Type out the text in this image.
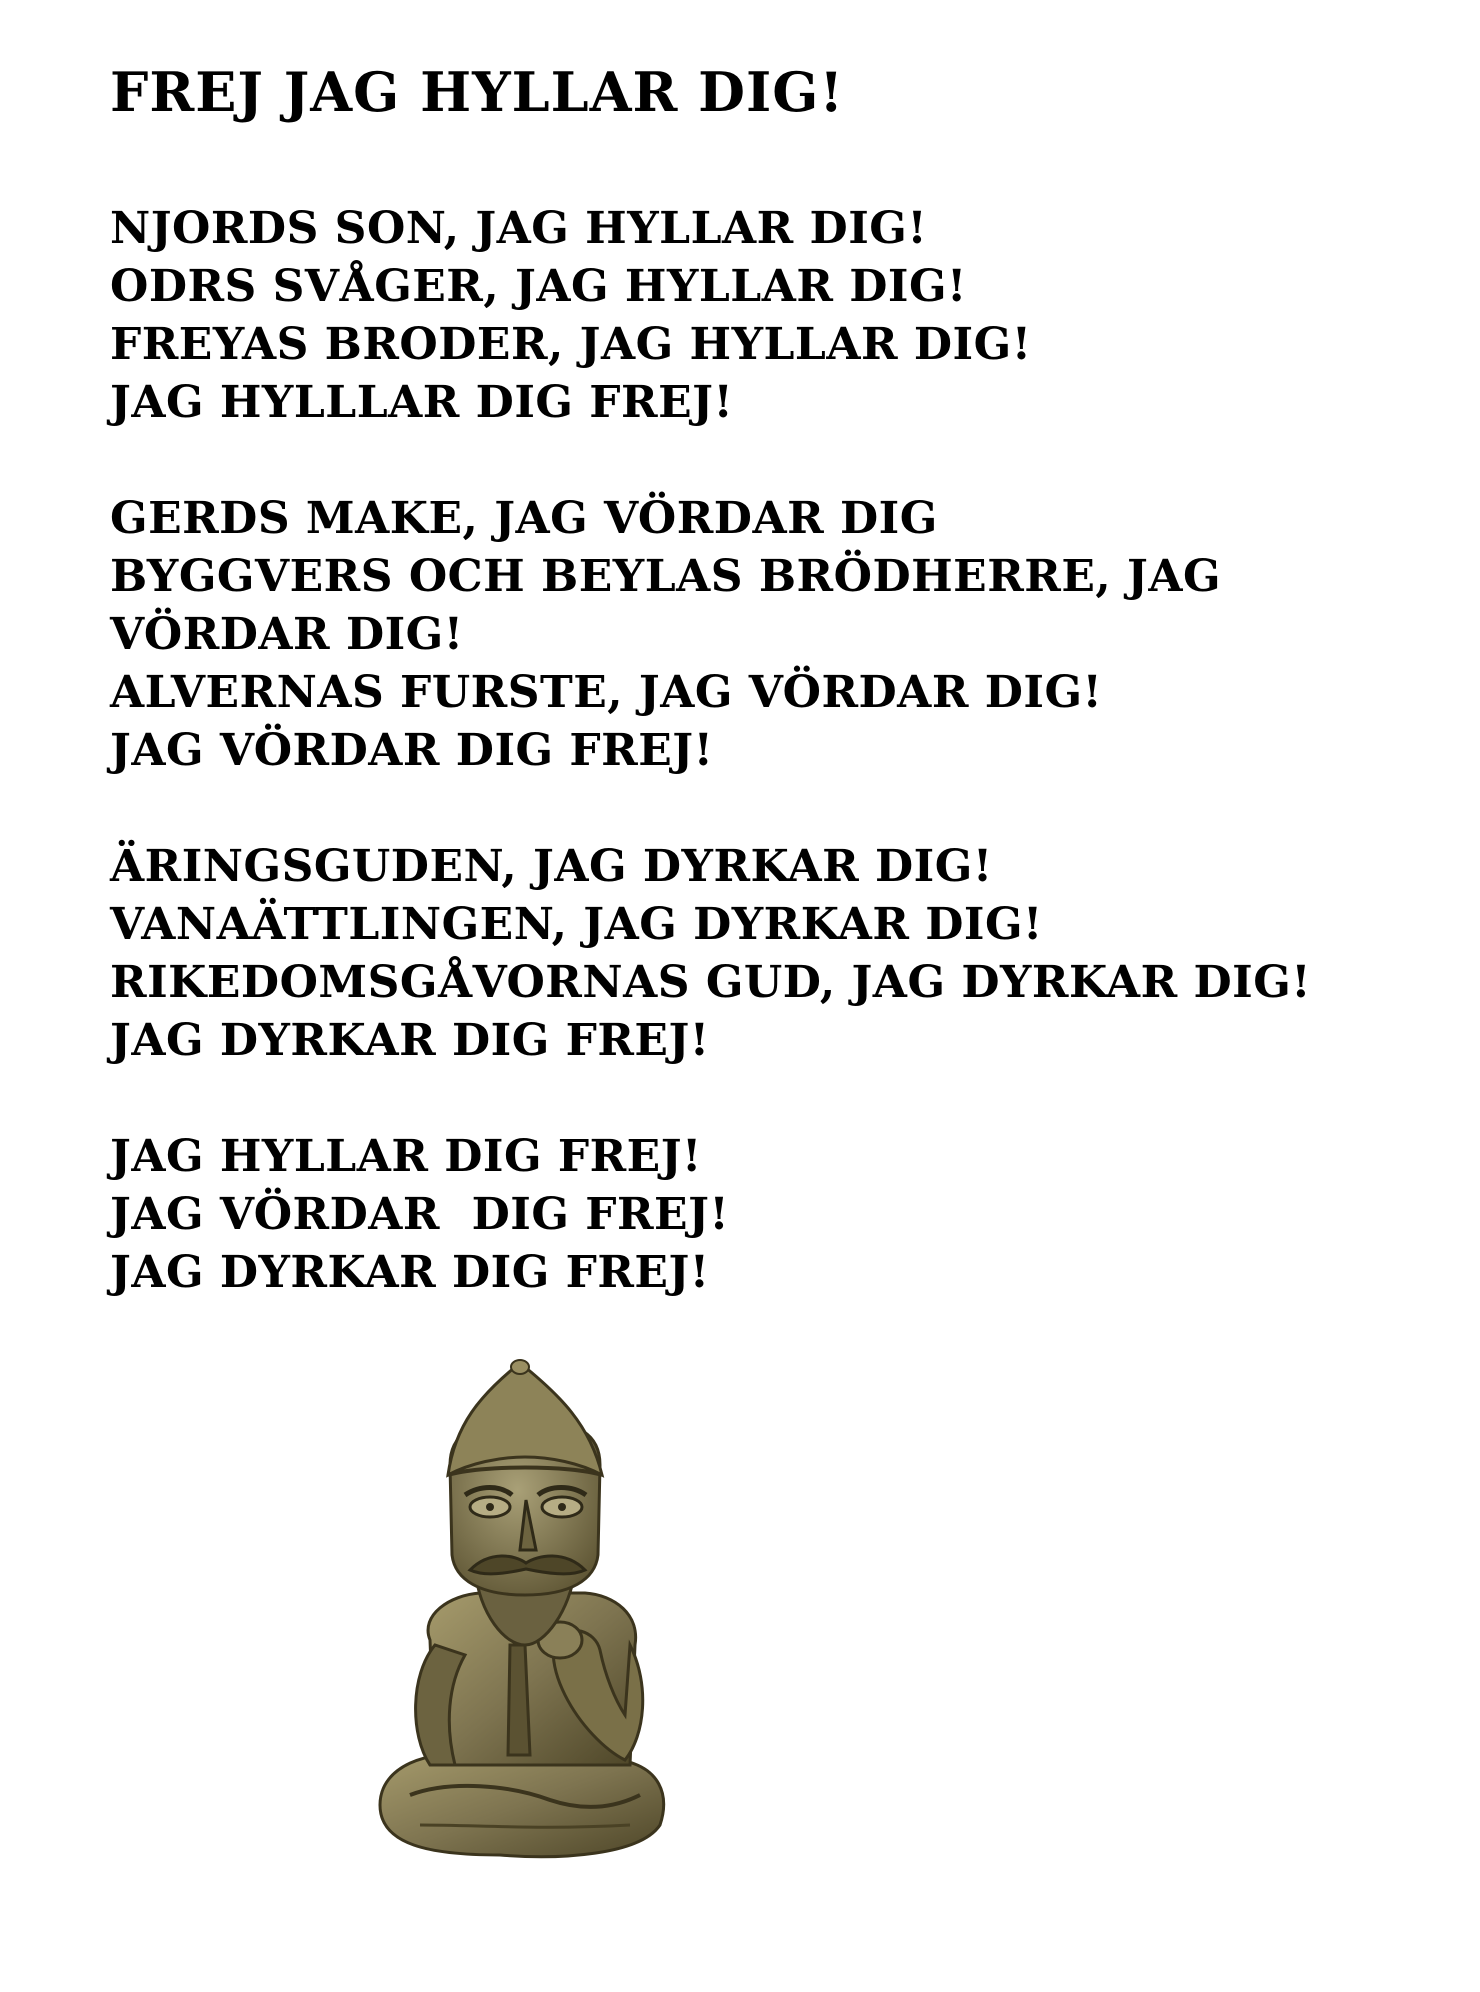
FREJ JAG HYLLAR DIG!
NJORDS SON, JAG HYLLAR DIG!
ODRS SVÅGER, JAG HYLLAR DIG!
FREYAS BRODER, JAG HYLLAR DIG!
JAG HYLLLAR DIG FREJ!
GERDS MAKE, JAG VÖRDAR DIG
BYGGVERS OCH BEYLAS BRÖDHERRE, JAG VÖRDAR DIG!
ALVERNAS FURSTE, JAG VÖRDAR DIG!
JAG VÖRDAR DIG FREJ!
ÄRINGSGUDEN, JAG DYRKAR DIG!
VANAÄTTLINGEN, JAG DYRKAR DIG!
RIKEDOMSGÅVORNAS GUD, JAG DYRKAR DIG!
JAG DYRKAR DIG FREJ!
JAG HYLLAR DIG FREJ!
JAG VÖRDAR  DIG FREJ!
JAG DYRKAR DIG FREJ!
